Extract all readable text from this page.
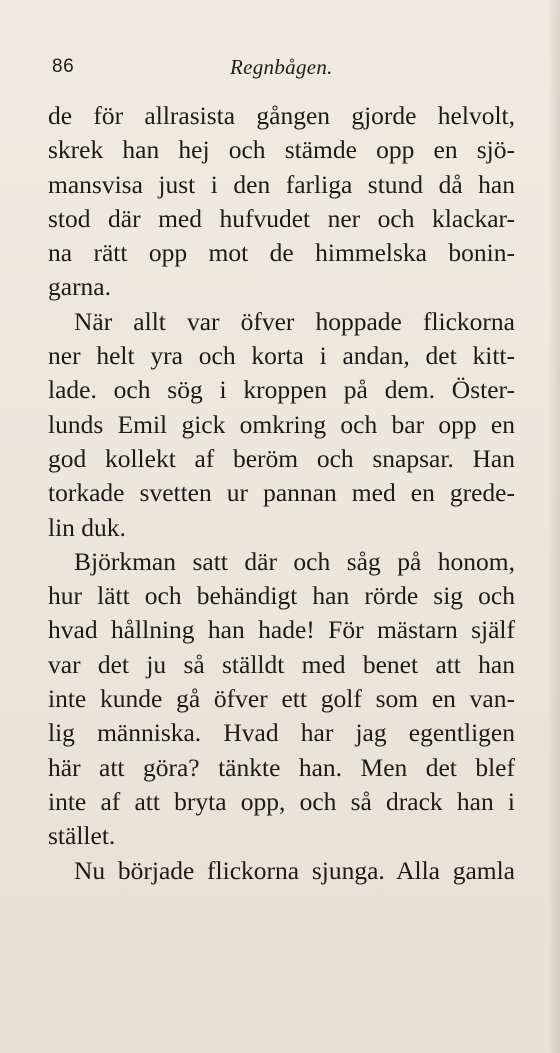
86	Regnbågen.
de för allrasista gången gjorde helvolt,
skrek han hej och stämde opp en sjö-
mansvisa just i den farliga stund då han
stod där med hufvudet ner och klackar-
na rätt opp mot de himmelska bonin-
garna.
När allt var öfver hoppade flickorna
ner helt yra och korta i andan, det kitt-
lade. och sög i kroppen på dem. Öster-
lunds Emil gick omkring och bar opp en
god kollekt af beröm och snapsar. Han
torkade svetten ur pannan med en grede-
lin duk.
Björkman satt där och såg på honom,
hur lätt och behändigt han rörde sig och
hvad hållning han hade! För mästarn själf
var det ju så ställdt med benet att han
inte kunde gå öfver ett golf som en van-
lig människa. Hvad har jag egentligen
här att göra? tänkte han. Men det blef
inte af att bryta opp, och så drack han i
stället.
Nu började flickorna sjunga. Alla gamla
